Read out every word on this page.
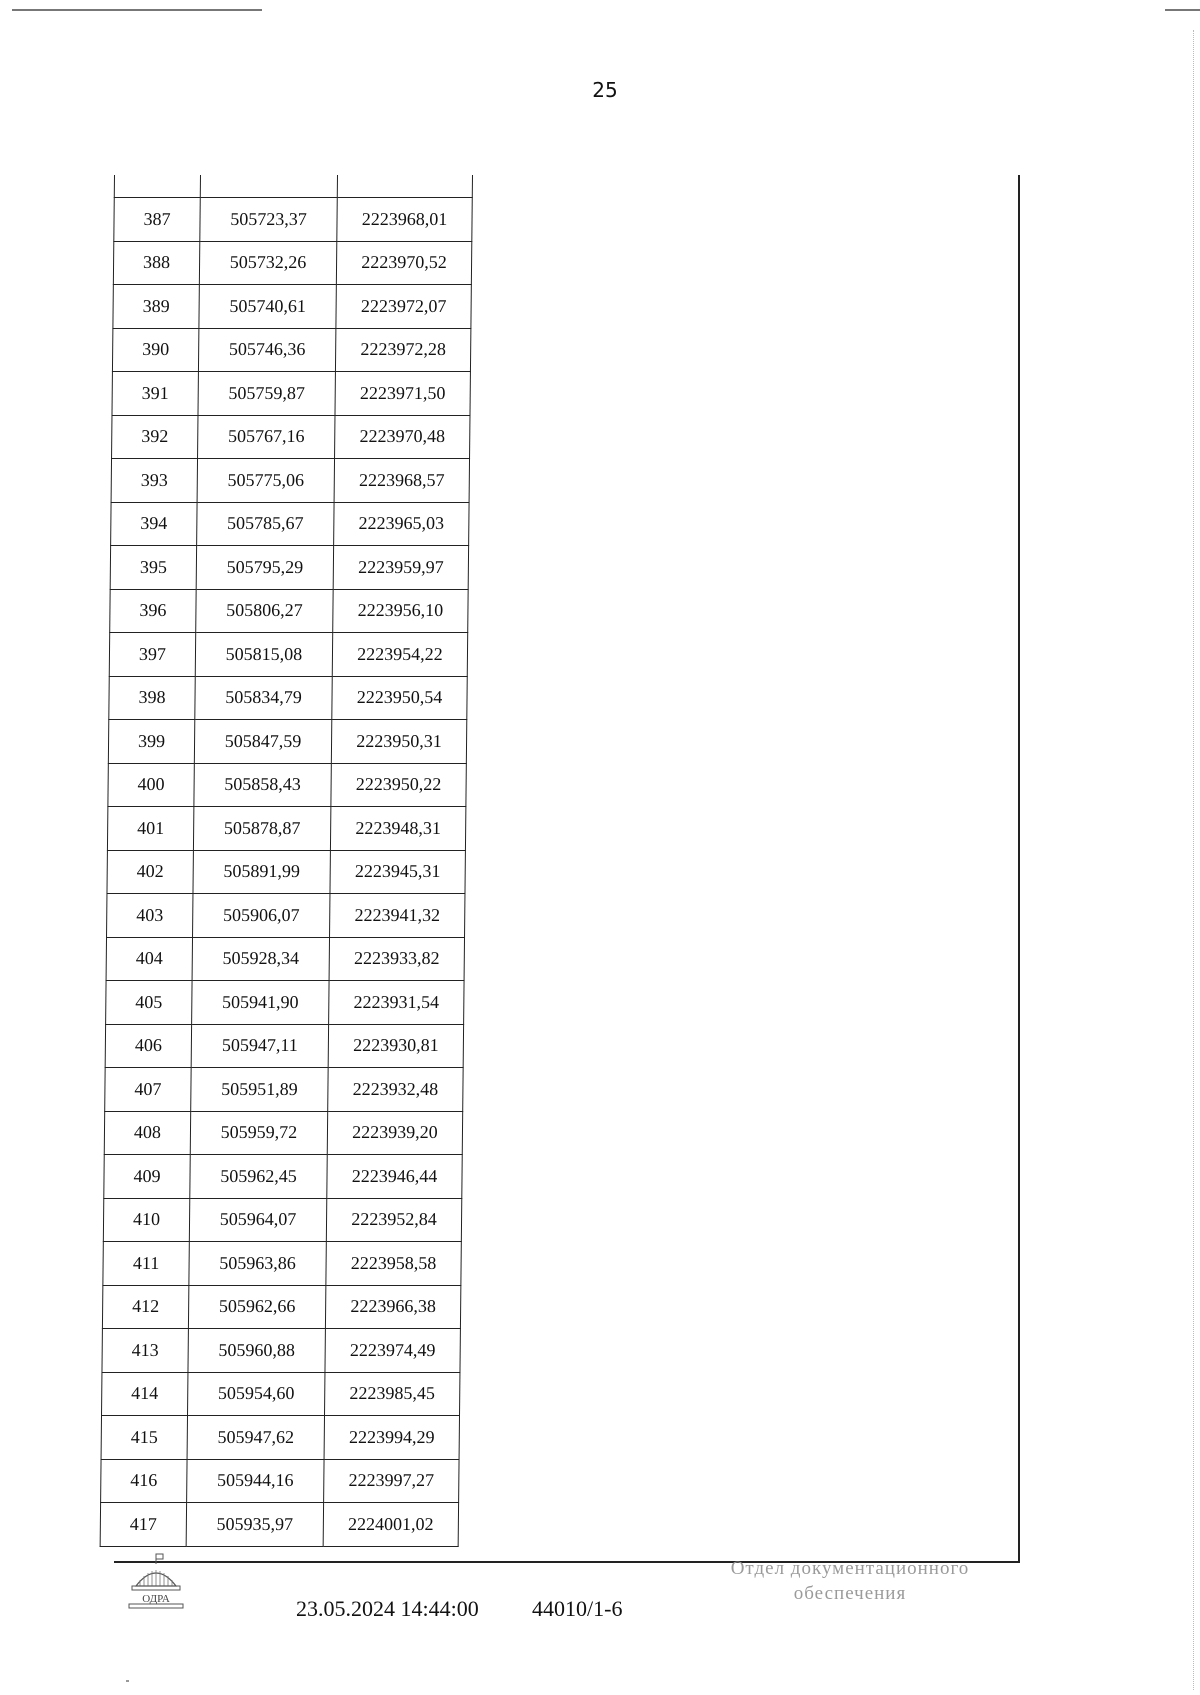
25

387	505723,37	2223968,01
388	505732,26	2223970,52
389	505740,61	2223972,07
390	505746,36	2223972,28
391	505759,87	2223971,50
392	505767,16	2223970,48
393	505775,06	2223968,57
394	505785,67	2223965,03
395	505795,29	2223959,97
396	505806,27	2223956,10
397	505815,08	2223954,22
398	505834,79	2223950,54
399	505847,59	2223950,31
400	505858,43	2223950,22
401	505878,87	2223948,31
402	505891,99	2223945,31
403	505906,07	2223941,32
404	505928,34	2223933,82
405	505941,90	2223931,54
406	505947,11	2223930,81
407	505951,89	2223932,48
408	505959,72	2223939,20
409	505962,45	2223946,44
410	505964,07	2223952,84
411	505963,86	2223958,58
412	505962,66	2223966,38
413	505960,88	2223974,49
414	505954,60	2223985,45
415	505947,62	2223994,29
416	505944,16	2223997,27
417	505935,97	2224001,02
ОДРА	23.05.2024 14:44:00 44010/1-6
Отдел документационного
обеспечения
